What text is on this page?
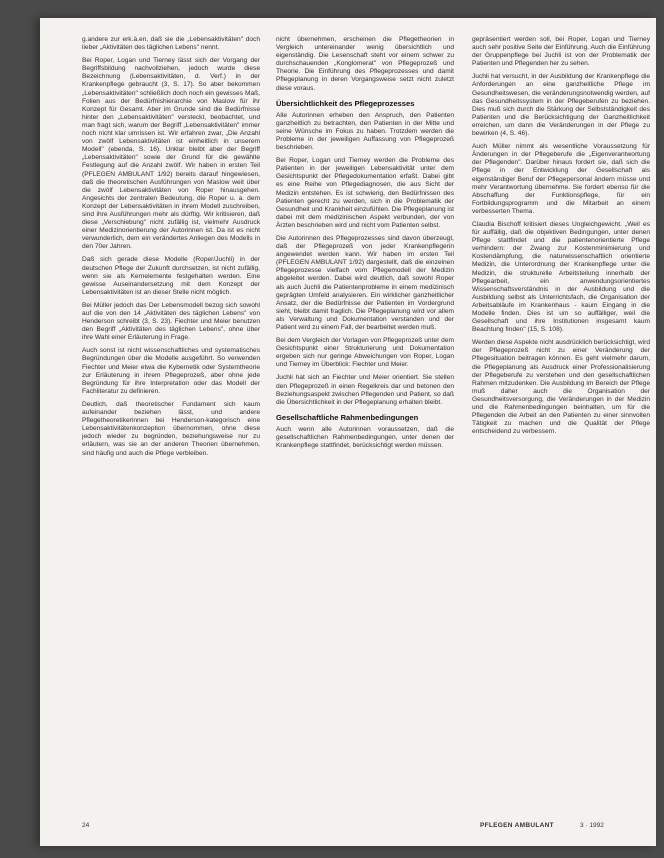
g.andere zur erk.ä.en, daß sie die „Lebensaktivitäten" doch lieber „Aktivitäten des täglichen Lebens" nennt.

Bei Roper, Logan und Tierney lässt sich der Vorgang der Begriffsbildung nachvollziehen, jedoch wurde diese Bezeichnung (Lebensaktivitäten, d. Verf.) in der Krankenpflege gebraucht (3, S. 17). So aber bekommen „Lebensaktivitäten" schließlich doch noch ein gewisses Maß, Folien aus der Bedürfnishierarchie von Maslow für ihr Konzept für Gesamt. Aber im Grunde sind die Bedürfnisse hinter den „Lebensaktivitäten" versteckt, beobachtet, und man fragt sich, warum der Begriff „Lebensaktivitäten" immer noch nicht klar umrissen ist. Wir erfahren zwar, „Die Anzahl von zwölf Lebensaktivitäten ist einheitlich in unserem Modell" (ebenda, S. 16). Unklar bleibt aber der Begriff „Lebensaktivitäten" sowie der Grund für die gewählte Festlegung auf die Anzahl zwölf. Wir haben in ersten Teil (PFLEGEN AMBULANT 1/92) bereits darauf hingewiesen, daß die theoretischen Ausführungen von Maslow weit über die zwölf Lebensaktivitäten von Roper hinausgehen. Angesichts der zentralen Bedeutung, die Roper u. a. dem Konzept der Lebensaktivitäten in ihrem Modell zuschreiben, sind ihre Ausführungen mehr als dürftig. Wir kritisieren, daß diese „Verschiebung" nicht zufällig ist, vielmehr Ausdruck einer Medizinorientierung der Autorinnen ist. Da ist es nicht verwunderlich, dem ein verändertes Anliegen des Modells in den 70er Jahren.

Daß sich gerade diese Modelle (Roper/Juchli) in der deutschen Pflege der Zukunft durchsetzen, ist nicht zufällig, wenn sie als Kernelemente festgehalten werden. Eine gewisse Auseinandersetzung mit dem Konzept der Lebensaktivitäten ist an dieser Stelle nicht möglich.

Bei Müller jedoch das Der Lebensmodell bezog sich sowohl auf die von den 14 „Aktivitäten des täglichen Lebens" von Henderson schreibt (3, S. 23). Fiechter und Meier benutzen den Begriff „Aktivitäten des täglichen Lebens", ohne über ihre Wahl einer Erläuterung in Frage.

Auch sonst ist nicht wissenschaftliches und systematisches Begründungen über die Modelle ausgeführt. So verwenden Fiechter und Meier etwa die Kybernetik oder Systemtheorie zur Erläuterung in ihrem Pflegeprozeß, aber ohne jede Begründung für ihre Interpretation oder das Modell der Fachliteratur zu definieren.

Deutlich, daß theoretischer Fundament sich kaum aufeinander beziehen lässt, und andere Pflegetheoretikerinnen bei Henderson-kategorisch eine Lebensaktivitätenkonzeption übernommen, ohne diese jedoch wieder zu begründen, beziehungsweise nur zu erläutern, was sie an der anderen Theorien übernehmen, sind häufig und auch die Pflege verbleiben.

nicht übernehmen, erscheinen die Pflegetheorien in Vergleich untereinander wenig übersichtlich und eigenständig. Die Lesenschaft steht vor einem schwer zu durchschauenden „Konglomerat" von Pflegeprozeß und Theorie. Die Einführung des Pflegeprozesses und damit Pflegeplanung in deren Vorgangsweise setzt nicht zuletzt diese voraus.

Übersichtlichkeit des Pflegeprozesses

Alle Autorinnen erheben den Anspruch, den Patienten ganzheitlich zu betrachten, den Patienten in der Mitte und seine Wünsche im Fokus zu haben. Trotzdem werden die Probleme in der jeweiligen Auffassung von Pflegeprozeß beschrieben.

Bei Roper, Logan und Tierney werden die Probleme des Patienten in der jeweiligen Lebensaktivität unter dem Gesichtspunkt der Pflegedokumentation erfaßt. Dabei gibt es eine Reihe von Pflegediagnosen, die aus Sicht der Medizin entstehen. Es ist schwierig, den Bedürfnissen des Patienten gerecht zu werden, sich in die Problematik der Gesundheit und Krankheit einzufühlen. Die Pflegeplanung ist dabei mit dem medizinischen Aspekt verbunden, der von Ärzten beschrieben wird und nicht vom Patienten selbst.

Die Autorinnen des Pflegeprozesses sind davon überzeugt, daß der Pflegeprozeß von jeder Krankenpflegerin angewendet werden kann. Wir haben im ersten Teil (PFLEGEN AMBULANT 1/92) dargestellt, daß die einzelnen Pflegeprozesse vielfach vom Pflegemodell der Medizin abgeleitet werden. Dabei wird deutlich, daß sowohl Roper als auch Juchli die Patientenprobleme in einem medizinisch geprägten Umfeld analysieren. Ein wirklicher ganzheitlicher Ansatz, der die Bedürfnisse der Patienten im Vordergrund sieht, bleibt damit fraglich. Die Pflegeplanung wird vor allem als Verwaltung und Dokumentation verstanden und der Patient wird zu einem Fall, der bearbeitet werden muß.

Bei dem Vergleich der Vorlagen von Pflegeprozeß unter dem Gesichtspunkt einer Strukturierung und Dokumentation ergeben sich nur geringe Abweichungen von Roper, Logan und Tierney im Überblick: Fiechter und Meier.

Juchli hat sich an Fiechter und Meier orientiert. Sie stellen den Pflegeprozeß in einen Regelkreis dar und betonen den Beziehungsaspekt zwischen Pflegenden und Patient, so daß die Übersichtlichkeit in der Pflegeplanung erhalten bleibt.

Gesellschaftliche Rahmenbedingungen

Auch wenn alle Autorinnen voraussetzen, daß die gesellschaftlichen Rahmenbedingungen, unter denen der Krankenpflege stattfindet, berücksichtigt werden müssen.

gepräsentiert werden soll, bei Roper, Logan und Tierney auch sehr positive Seite der Einführung. Auch die Einführung der Gruppenpflege bei Juchli ist von der Problematik der Patienten und Pflegenden her zu sehen.

Juchli hat versucht, in der Ausbildung der Krankenpflege die Anforderungen an eine ganzheitliche Pflege im Gesundheitswesen, die veränderungsnotwendig werden, auf das Gesundheitssystem in der Pflegeberufen zu beziehen. Dies muß sich durch die Stärkung der Selbstständigkeit des Patienten und die Berücksichtigung der Ganzheitlichkeit erreichen, um dann die Veränderungen in der Pflege zu bewirken (4, S. 46).

Auch Müller nimmt als wesentliche Voraussetzung für Änderungen in der Pflegeberufe die „Eigenverantwortung der Pflegenden". Darüber hinaus fordert sie, daß sich die Pflege in der Entwicklung der Gesellschaft als eigenständiger Beruf der Pflegepersonal ändern müsse und mehr Verantwortung übernehme. Sie fordert ebenso für die Abschaffung der Funktionspflege, für ein Fortbildungsprogramm und die Mitarbeit an einem verbesserten Thema.

Claudia Bischoff kritisiert dieses Ungleichgewicht. „Weil es für auffällig, daß die objektiven Bedingungen, unter denen Pflege stattfindet und die patientenorientierte Pflege verhindern: der Zwang zur Kostenminimierung und Kostendämpfung, die naturwissenschaftlich orientierte Medizin, die Unterordnung der Krankenpflege unter die Medizin, die strukturelle Arbeitsteilung innerhalb der Pflegearbeit, ein anwendungsorientiertes Wissenschaftsverständnis in der Ausbildung und die Ausbildung selbst als Unterrichtsfach, die Organisation der Arbeitsabläufe im Krankenhaus - kaum Eingang in die Modelle finden. Dies ist um so auffälliger, weil die Gesellschaft und ihre Institutionen insgesamt kaum Beachtung finden" (15, S. 108).

Werden diese Aspekte nicht ausdrücklich berücksichtigt, wird der Pflegeprozeß nicht zu einer Veränderung der Pflegesituation beitragen können. Es geht vielmehr darum, die Pflegeplanung als Ausdruck einer Professionalisierung der Pflegeberufe zu verstehen und den gesellschaftlichen Rahmen mitzudenken. Die Ausbildung im Bereich der Pflege muß daher auch die Organisation der Gesundheitsversorgung, die Veränderungen in der Medizin und die Rahmenbedingungen beinhalten, um für die Pflegenden die Arbeit an den Patienten zu einer sinnvollen Tätigkeit zu machen und die Qualität der Pflege entscheidend zu verbessern.

24	PFLEGEN AMBULANT	3 · 1992
